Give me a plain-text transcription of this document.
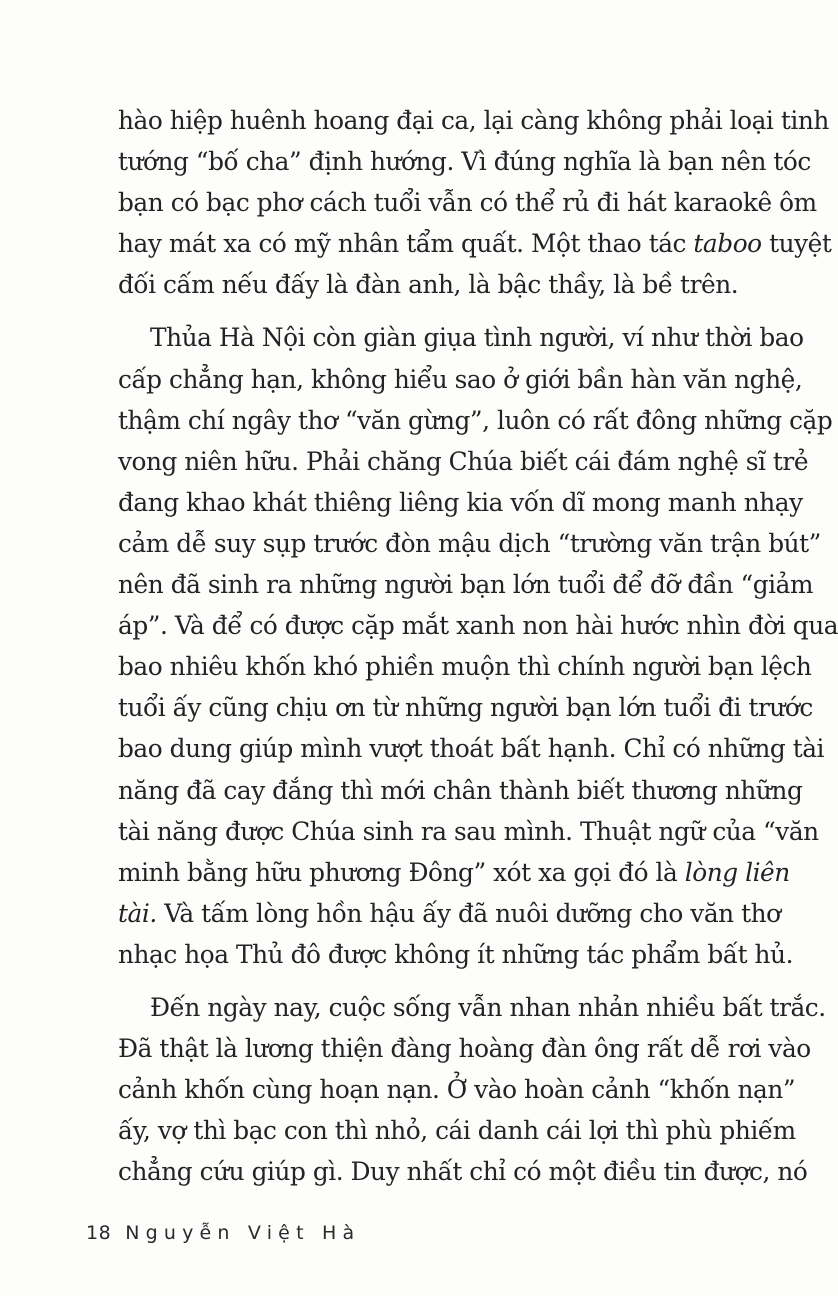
hào hiệp huênh hoang đại ca, lại càng không phải loại tinh
tướng “bố cha” định hướng. Vì đúng nghĩa là bạn nên tóc
bạn có bạc phơ cách tuổi vẫn có thể rủ đi hát karaokê ôm
hay mát xa có mỹ nhân tẩm quất. Một thao tác taboo tuyệt
đối cấm nếu đấy là đàn anh, là bậc thầy, là bề trên.
Thủa Hà Nội còn giàn giụa tình người, ví như thời bao
cấp chẳng hạn, không hiểu sao ở giới bần hàn văn nghệ,
thậm chí ngây thơ “văn gừng”, luôn có rất đông những cặp
vong niên hữu. Phải chăng Chúa biết cái đám nghệ sĩ trẻ
đang khao khát thiêng liêng kia vốn dĩ mong manh nhạy
cảm dễ suy sụp trước đòn mậu dịch “trường văn trận bút”
nên đã sinh ra những người bạn lớn tuổi để đỡ đần “giảm
áp”. Và để có được cặp mắt xanh non hài hước nhìn đời qua
bao nhiêu khốn khó phiền muộn thì chính người bạn lệch
tuổi ấy cũng chịu ơn từ những người bạn lớn tuổi đi trước
bao dung giúp mình vượt thoát bất hạnh. Chỉ có những tài
năng đã cay đắng thì mới chân thành biết thương những
tài năng được Chúa sinh ra sau mình. Thuật ngữ của “văn
minh bằng hữu phương Đông” xót xa gọi đó là lòng liên
tài. Và tấm lòng hồn hậu ấy đã nuôi dưỡng cho văn thơ
nhạc họa Thủ đô được không ít những tác phẩm bất hủ.
Đến ngày nay, cuộc sống vẫn nhan nhản nhiều bất trắc.
Đã thật là lương thiện đàng hoàng đàn ông rất dễ rơi vào
cảnh khốn cùng hoạn nạn. Ở vào hoàn cảnh “khốn nạn”
ấy, vợ thì bạc con thì nhỏ, cái danh cái lợi thì phù phiếm
chẳng cứu giúp gì. Duy nhất chỉ có một điều tin được, nó
18 Nguyễn Việt Hà
